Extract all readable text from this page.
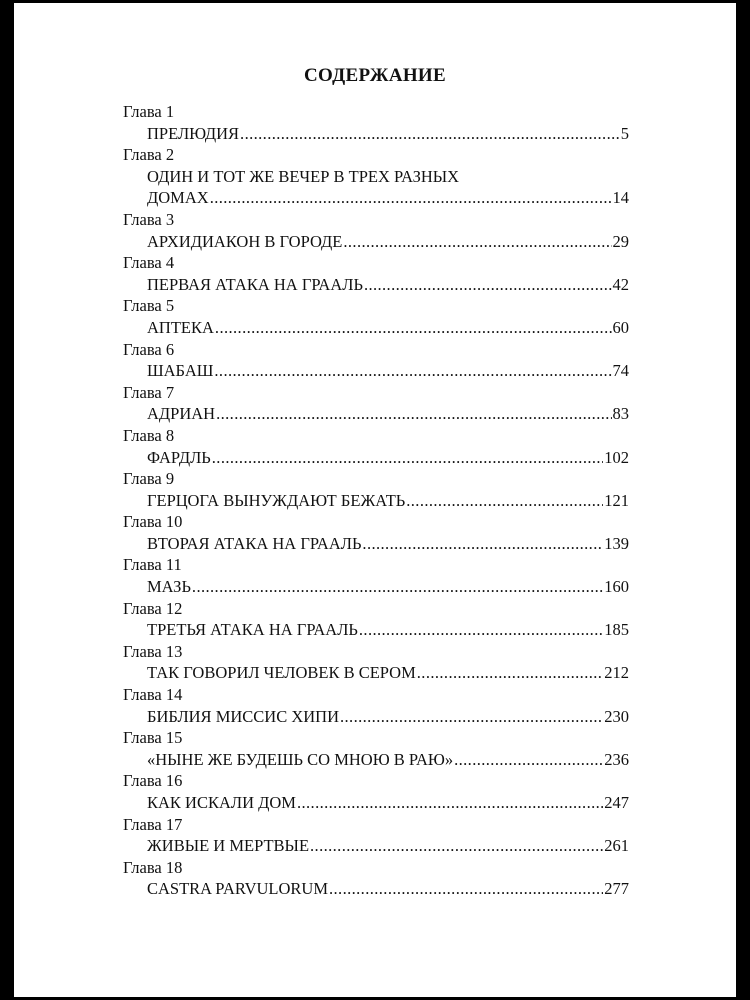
СОДЕРЖАНИЕ
Глава 1
ПРЕЛЮДИЯ .....	5
Глава 2
ОДИН И ТОТ ЖЕ ВЕЧЕР В ТРЕХ РАЗНЫХ
ДОМАХ .....	14
Глава 3
АРХИДИАКОН В ГОРОДЕ .....	29
Глава 4
ПЕРВАЯ АТАКА НА ГРААЛЬ .....	42
Глава 5
АПТЕКА .....	60
Глава 6
ШАБАШ .....	74
Глава 7
АДРИАН .....	83
Глава 8
ФАРДЛЬ .....	102
Глава 9
ГЕРЦОГА ВЫНУЖДАЮТ БЕЖАТЬ .....	121
Глава 10
ВТОРАЯ АТАКА НА ГРААЛЬ .....	139
Глава 11
МАЗЬ .....	160
Глава 12
ТРЕТЬЯ АТАКА НА ГРААЛЬ .....	185
Глава 13
ТАК ГОВОРИЛ ЧЕЛОВЕК В СЕРОМ .....	212
Глава 14
БИБЛИЯ МИССИС ХИПИ .....	230
Глава 15
«НЫНЕ ЖЕ БУДЕШЬ СО МНОЮ В РАЮ» .....	236
Глава 16
КАК ИСКАЛИ ДОМ .....	247
Глава 17
ЖИВЫЕ И МЕРТВЫЕ .....	261
Глава 18
CASTRA PARVULORUM .....	277
